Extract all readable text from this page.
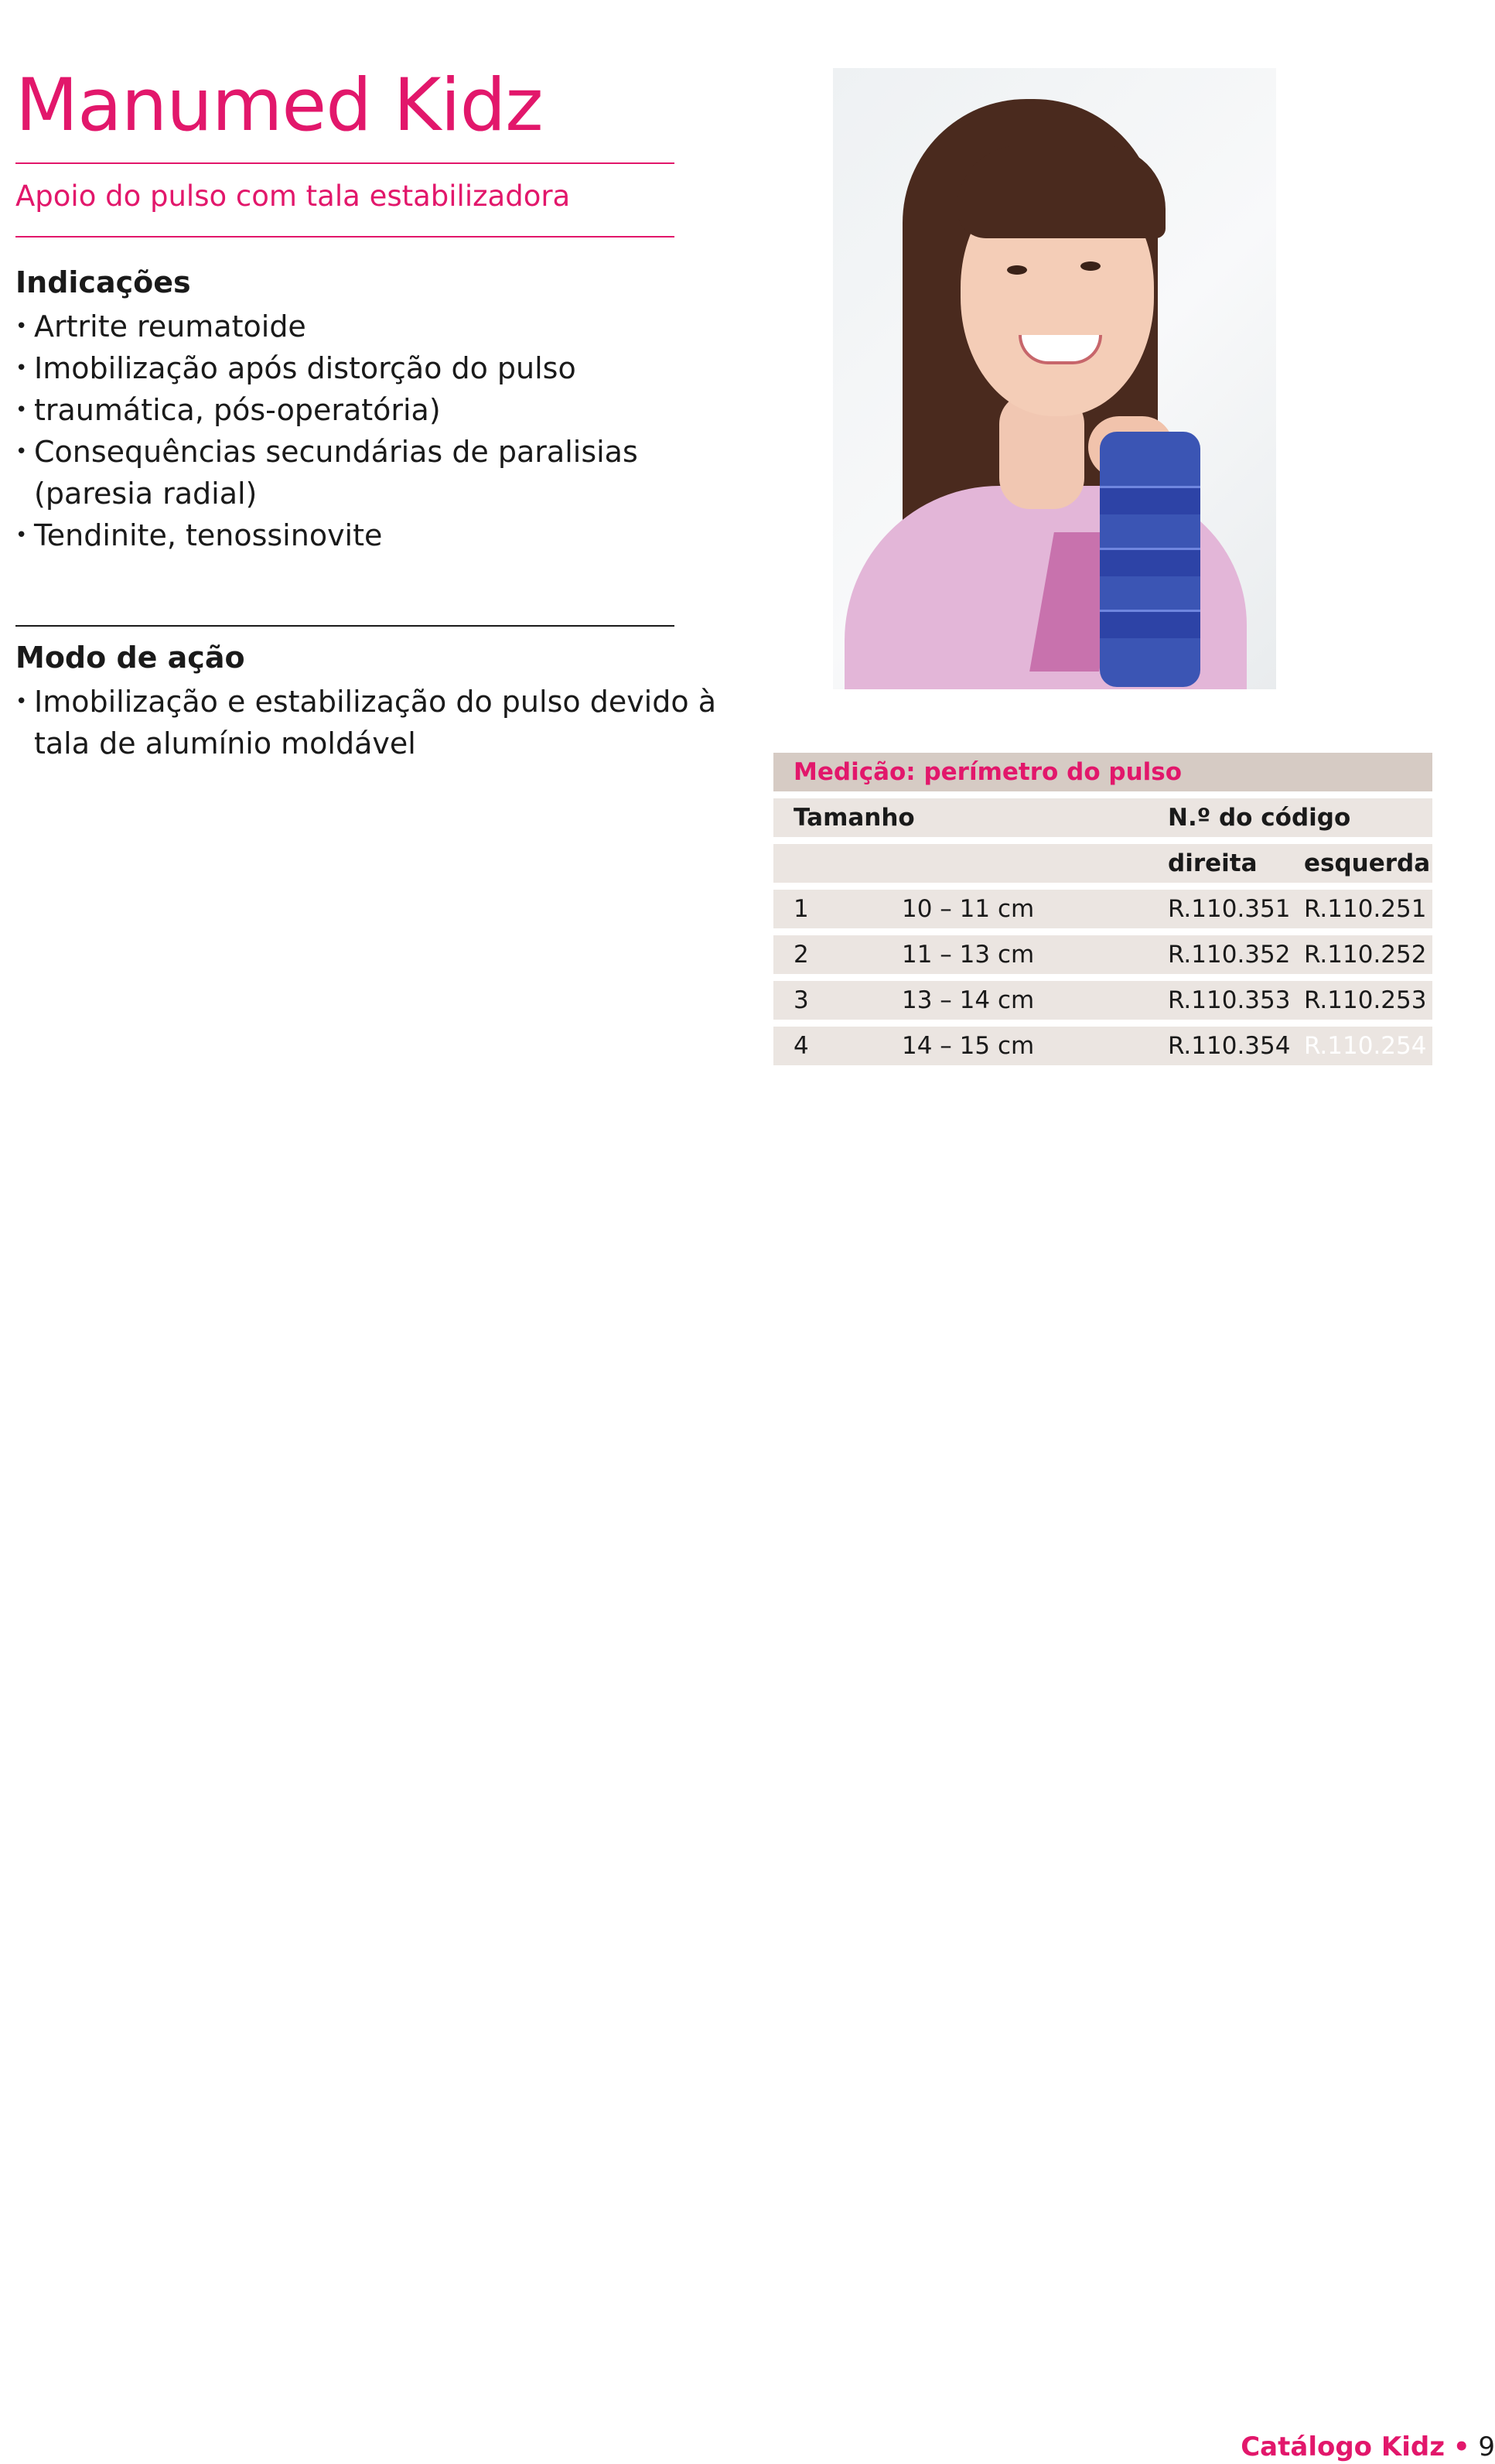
Manumed Kidz
Apoio do pulso com tala estabilizadora
Indicações
• Artrite reumatoide
• Imobilização após distorção do pulso
traumática, pós-operatória)
• Consequências secundárias de paralisias
(paresia radial)
• Tendinite, tenossinovite
Modo de ação
• Imobilização e estabilização do pulso devido à
tala de alumínio moldável
Medição: perímetro do pulso
Tamanho	N.º do código
direita esquerda
1	10 – 11 cm	R.110.351 R.110.251
2	11 – 13 cm	R.110.352 R.110.252
3	13 – 14 cm	R.110.353 R.110.253
4	14 – 15 cm	R.110.354 R.110.254
Catálogo Kidz • 9
